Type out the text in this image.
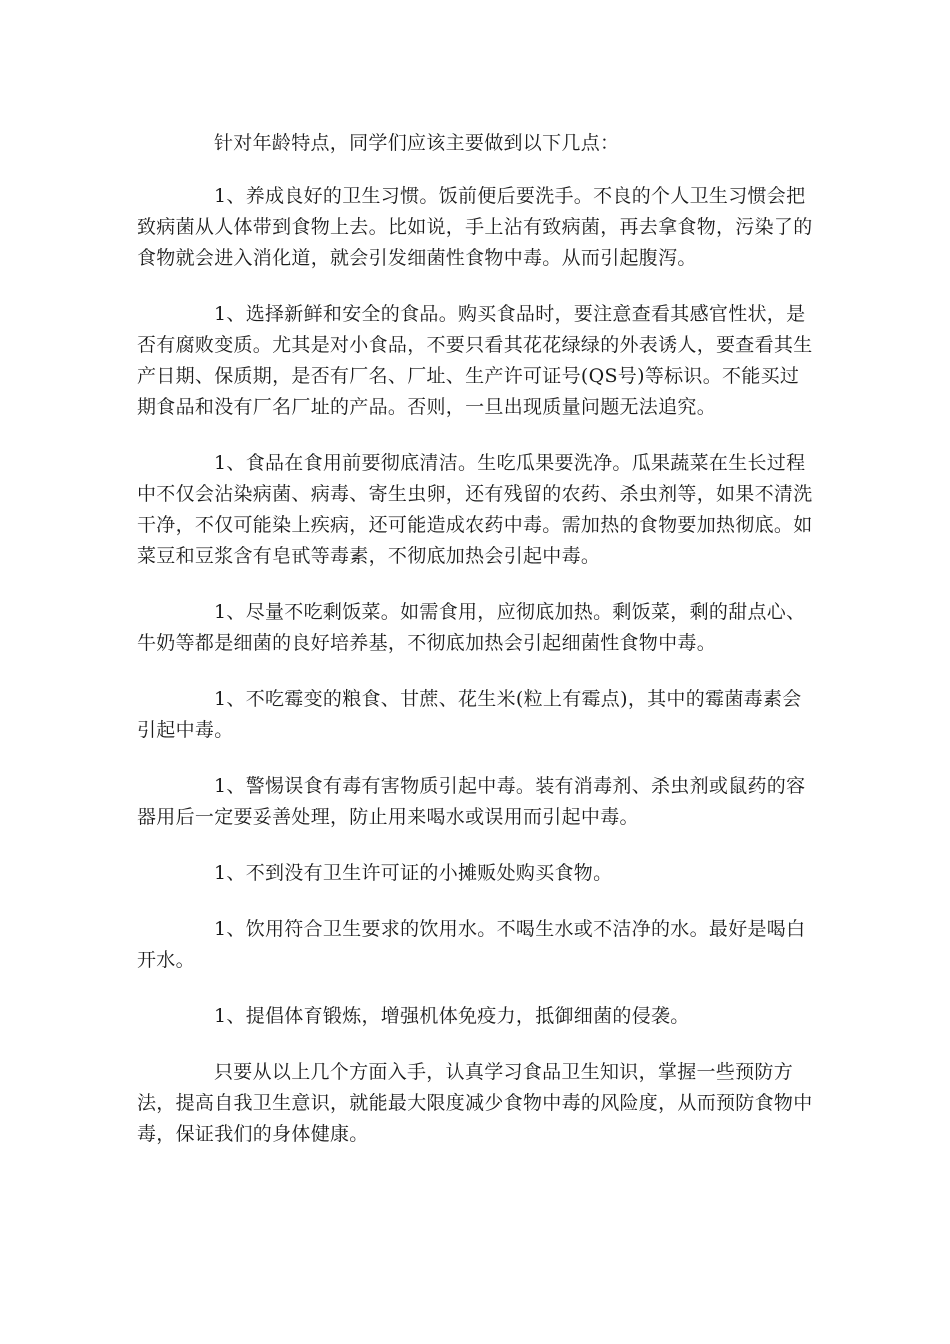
针对年龄特点，同学们应该主要做到以下几点：

1、养成良好的卫生习惯。饭前便后要洗手。不良的个人卫生习惯会把致病菌从人体带到食物上去。比如说，手上沾有致病菌，再去拿食物，污染了的食物就会进入消化道，就会引发细菌性食物中毒。从而引起腹泻。

1、选择新鲜和安全的食品。购买食品时，要注意查看其感官性状，是否有腐败变质。尤其是对小食品，不要只看其花花绿绿的外表诱人，要查看其生产日期、保质期，是否有厂名、厂址、生产许可证号(QS号)等标识。不能买过期食品和没有厂名厂址的产品。否则，一旦出现质量问题无法追究。

1、食品在食用前要彻底清洁。生吃瓜果要洗净。瓜果蔬菜在生长过程中不仅会沾染病菌、病毒、寄生虫卵，还有残留的农药、杀虫剂等，如果不清洗干净，不仅可能染上疾病，还可能造成农药中毒。需加热的食物要加热彻底。如菜豆和豆浆含有皂甙等毒素，不彻底加热会引起中毒。

1、尽量不吃剩饭菜。如需食用，应彻底加热。剩饭菜，剩的甜点心、牛奶等都是细菌的良好培养基，不彻底加热会引起细菌性食物中毒。

1、不吃霉变的粮食、甘蔗、花生米(粒上有霉点)，其中的霉菌毒素会引起中毒。

1、警惕误食有毒有害物质引起中毒。装有消毒剂、杀虫剂或鼠药的容器用后一定要妥善处理，防止用来喝水或误用而引起中毒。

1、不到没有卫生许可证的小摊贩处购买食物。

1、饮用符合卫生要求的饮用水。不喝生水或不洁净的水。最好是喝白开水。

1、提倡体育锻炼，增强机体免疫力，抵御细菌的侵袭。

只要从以上几个方面入手，认真学习食品卫生知识，掌握一些预防方法，提高自我卫生意识，就能最大限度减少食物中毒的风险度，从而预防食物中毒，保证我们的身体健康。
